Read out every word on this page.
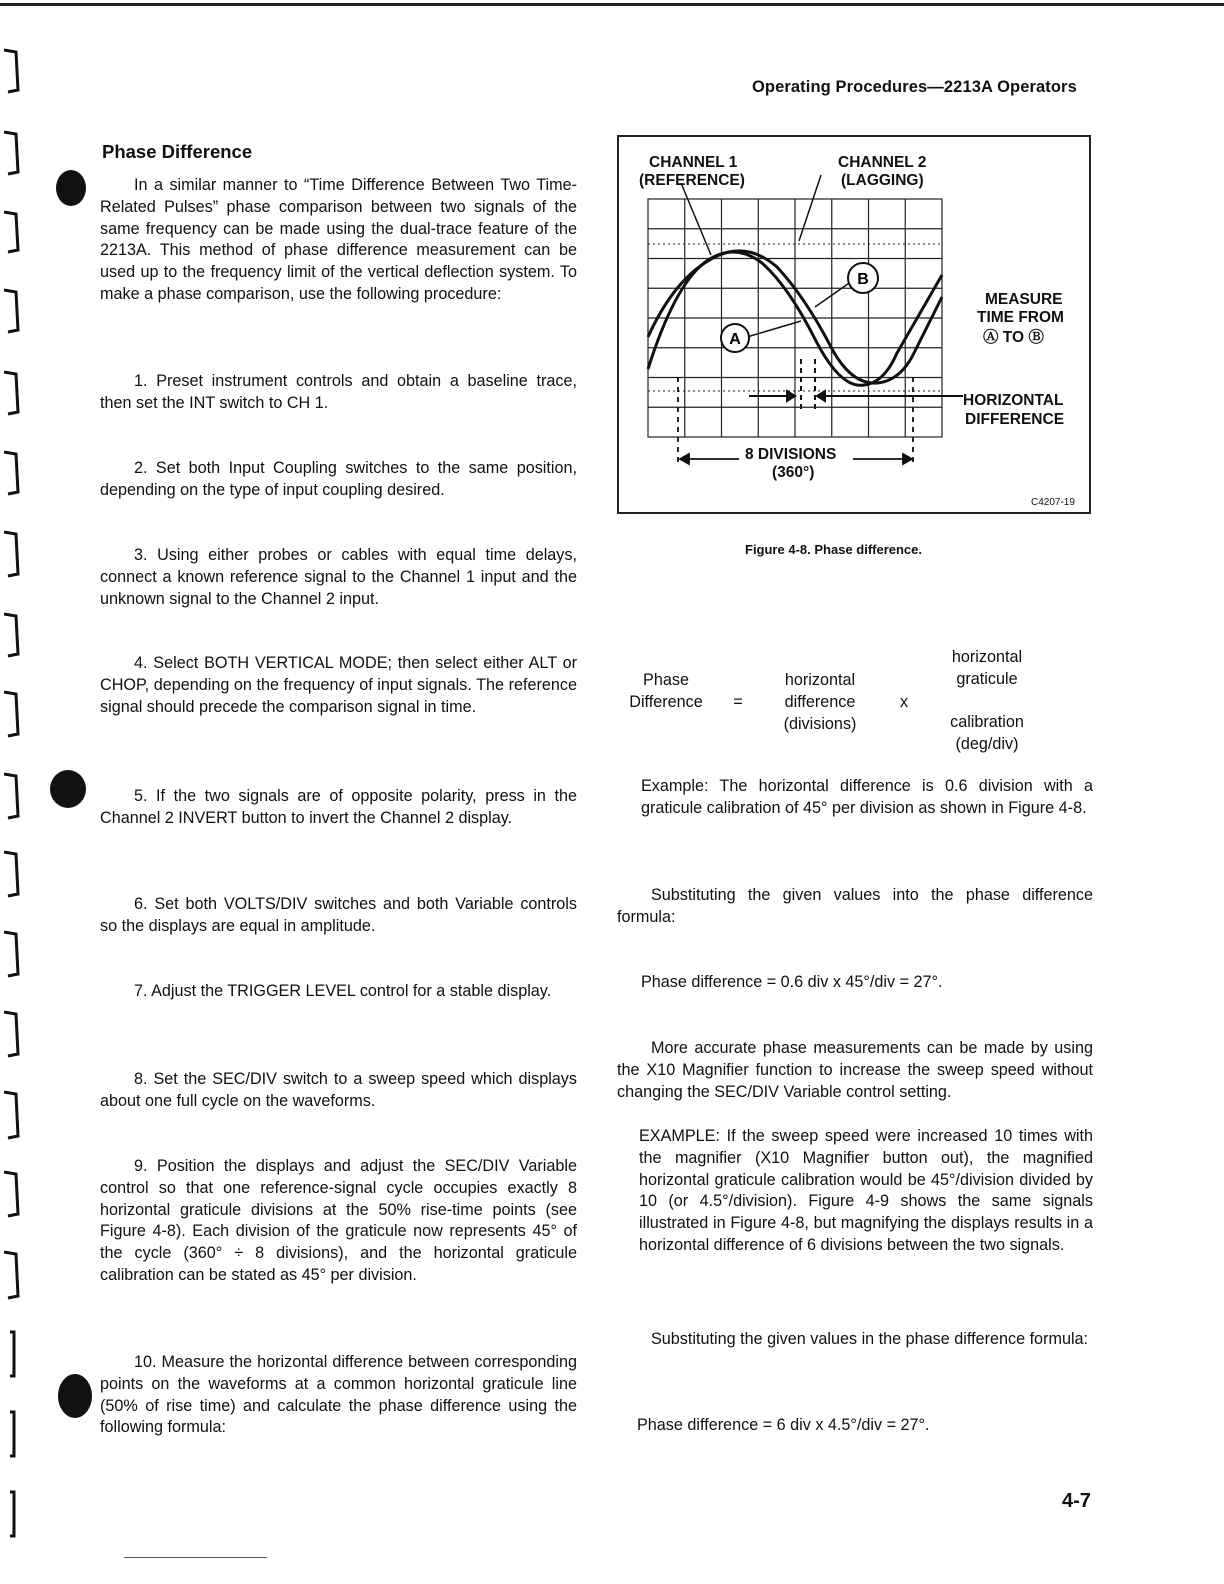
Operating Procedures—2213A Operators
Phase Difference
In a similar manner to “Time Difference Between Two Time-Related Pulses” phase comparison between two signals of the same frequency can be made using the dual-trace feature of the 2213A. This method of phase difference measurement can be used up to the frequency limit of the vertical deflection system. To make a phase comparison, use the following procedure:
1. Preset instrument controls and obtain a baseline trace, then set the INT switch to CH 1.
2. Set both Input Coupling switches to the same position, depending on the type of input coupling desired.
3. Using either probes or cables with equal time delays, connect a known reference signal to the Channel 1 input and the unknown signal to the Channel 2 input.
4. Select BOTH VERTICAL MODE; then select either ALT or CHOP, depending on the frequency of input signals. The reference signal should precede the comparison signal in time.
5. If the two signals are of opposite polarity, press in the Channel 2 INVERT button to invert the Channel 2 display.
6. Set both VOLTS/DIV switches and both Variable controls so the displays are equal in amplitude.
7. Adjust the TRIGGER LEVEL control for a stable display.
8. Set the SEC/DIV switch to a sweep speed which displays about one full cycle on the waveforms.
9. Position the displays and adjust the SEC/DIV Variable control so that one reference-signal cycle occupies exactly 8 horizontal graticule divisions at the 50% rise-time points (see Figure 4-8). Each division of the graticule now represents 45° of the cycle (360° ÷ 8 divisions), and the horizontal graticule calibration can be stated as 45° per division.
10. Measure the horizontal difference between corresponding points on the waveforms at a common horizontal graticule line (50% of rise time) and calculate the phase difference using the following formula:
A
B
CHANNEL 1
(REFERENCE)
CHANNEL 2
(LAGGING)
MEASURE
TIME FROM
Ⓐ TO Ⓑ
HORIZONTAL
DIFFERENCE
8 DIVISIONS
(360°)
C4207-19
Figure 4-8. Phase difference.
Phase
Difference	=
horizontal
difference
(divisions)
x
horizontal
graticule
calibration
(deg/div)
Example: The horizontal difference is 0.6 division with a graticule calibration of 45° per division as shown in Figure 4-8.
Substituting the given values into the phase difference formula:
Phase difference = 0.6 div x 45°/div = 27°.
More accurate phase measurements can be made by using the X10 Magnifier function to increase the sweep speed without changing the SEC/DIV Variable control setting.
EXAMPLE: If the sweep speed were increased 10 times with the magnifier (X10 Magnifier button out), the magnified horizontal graticule calibration would be 45°/division divided by 10 (or 4.5°/division). Figure 4-9 shows the same signals illustrated in Figure 4-8, but magnifying the displays results in a horizontal difference of 6 divisions between the two signals.
Substituting the given values in the phase difference formula:
Phase difference = 6 div x 4.5°/div = 27°.
4-7
